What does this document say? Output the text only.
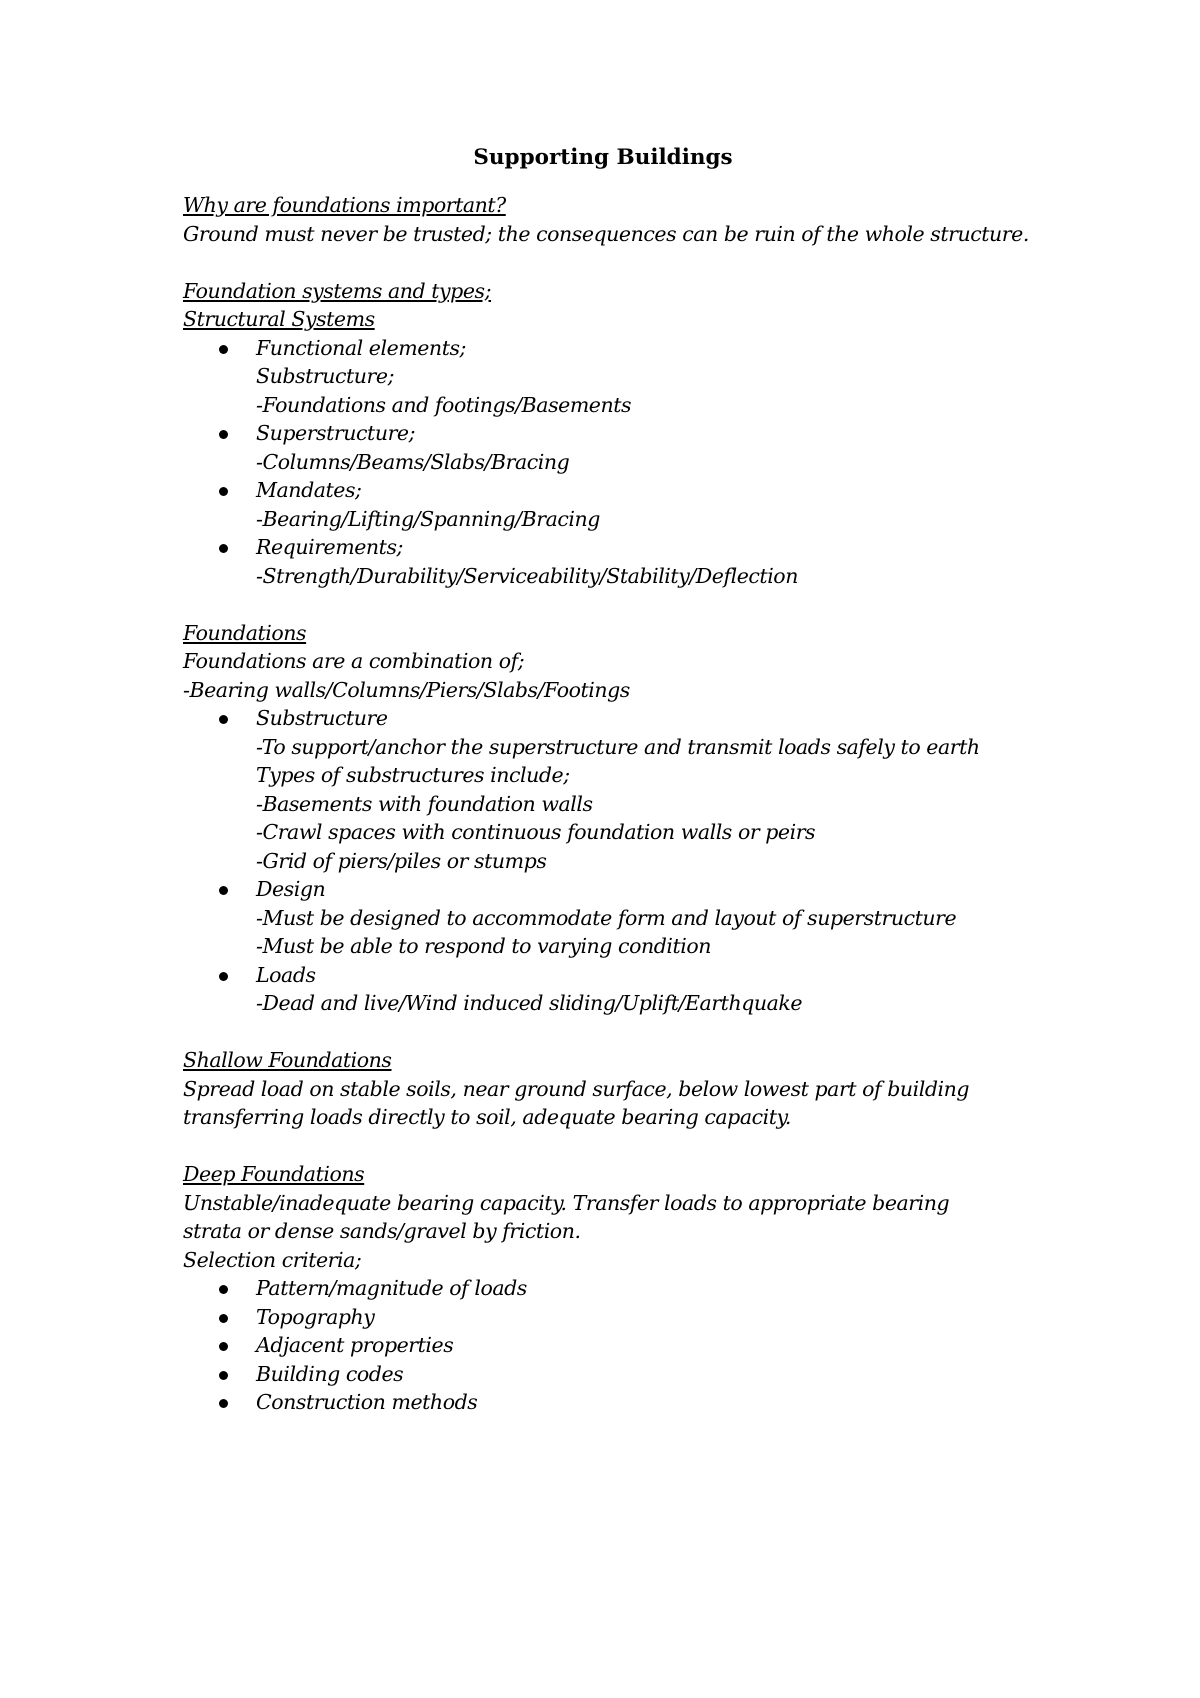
Supporting Buildings
Why are foundations important?
Ground must never be trusted; the consequences can be ruin of the whole structure.
Foundation systems and types;
Structural Systems
Functional elements;
Substructure;
-Foundations and footings/Basements
Superstructure;
-Columns/Beams/Slabs/Bracing
Mandates;
-Bearing/Lifting/Spanning/Bracing
Requirements;
-Strength/Durability/Serviceability/Stability/Deflection
Foundations
Foundations are a combination of;
-Bearing walls/Columns/Piers/Slabs/Footings
Substructure
-To support/anchor the superstructure and transmit loads safely to earth
Types of substructures include;
-Basements with foundation walls
-Crawl spaces with continuous foundation walls or peirs
-Grid of piers/piles or stumps
Design
-Must be designed to accommodate form and layout of superstructure
-Must be able to respond to varying condition
Loads
-Dead and live/Wind induced sliding/Uplift/Earthquake
Shallow Foundations
Spread load on stable soils, near ground surface, below lowest part of building
transferring loads directly to soil, adequate bearing capacity.
Deep Foundations
Unstable/inadequate bearing capacity. Transfer loads to appropriate bearing
strata or dense sands/gravel by friction.
Selection criteria;
Pattern/magnitude of loads
Topography
Adjacent properties
Building codes
Construction methods
